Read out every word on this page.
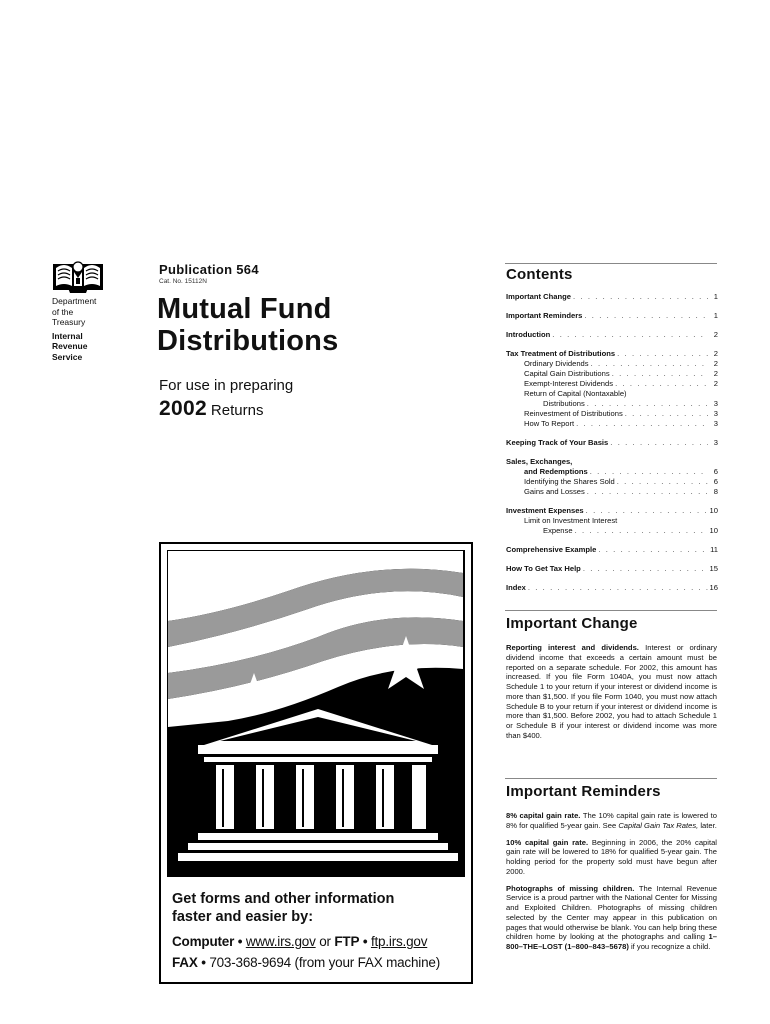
Department
of the
Treasury
Internal
Revenue
Service
Publication 564
Cat. No. 15112N
Mutual Fund
Distributions
For use in preparing
2002 Returns
Get forms and other information
faster and easier by:
Computer • www.irs.gov or FTP • ftp.irs.gov
FAX • 703-368-9694 (from your FAX machine)
Contents
Important Change . . .	1
Important Reminders . . .	1
Introduction . . .	2
Tax Treatment of Distributions . . .	2
Ordinary Dividends . . .	2
Capital Gain Distributions . . .	2
Exempt-Interest Dividends . . .	2
Return of Capital (Nontaxable)
Distributions . . .	3
Reinvestment of Distributions . . .	3
How To Report . . .	3
Keeping Track of Your Basis . . .	3
Sales, Exchanges,
and Redemptions . . .	6
Identifying the Shares Sold . . .	6
Gains and Losses . . .	8
Investment Expenses . . .	10
Limit on Investment Interest
Expense . . .	10
Comprehensive Example . . .	11
How To Get Tax Help . . .	15
Index . . .	16
Important Change

Reporting interest and dividends. Interest or ordinary dividend income that exceeds a certain amount must be reported on a separate schedule. For 2002, this amount has increased. If you file Form 1040A, you must now attach Schedule 1 to your return if your interest or dividend income is more than $1,500. If you file Form 1040, you must now attach Schedule B to your return if your interest or dividend income is more than $1,500. Before 2002, you had to attach Schedule 1 or Schedule B if your interest or dividend income was more than $400.

Important Reminders

8% capital gain rate. The 10% capital gain rate is lowered to 8% for qualified 5-year gain. See Capital Gain Tax Rates, later.

10% capital gain rate. Beginning in 2006, the 20% capital gain rate will be lowered to 18% for qualified 5-year gain. The holding period for the property sold must have begun after 2000.

Photographs of missing children. The Internal Revenue Service is a proud partner with the National Center for Missing and Exploited Children. Photographs of missing children selected by the Center may appear in this publication on pages that would otherwise be blank. You can help bring these children home by looking at the photographs and calling 1–800–THE–LOST (1–800–843–5678) if you recognize a child.
